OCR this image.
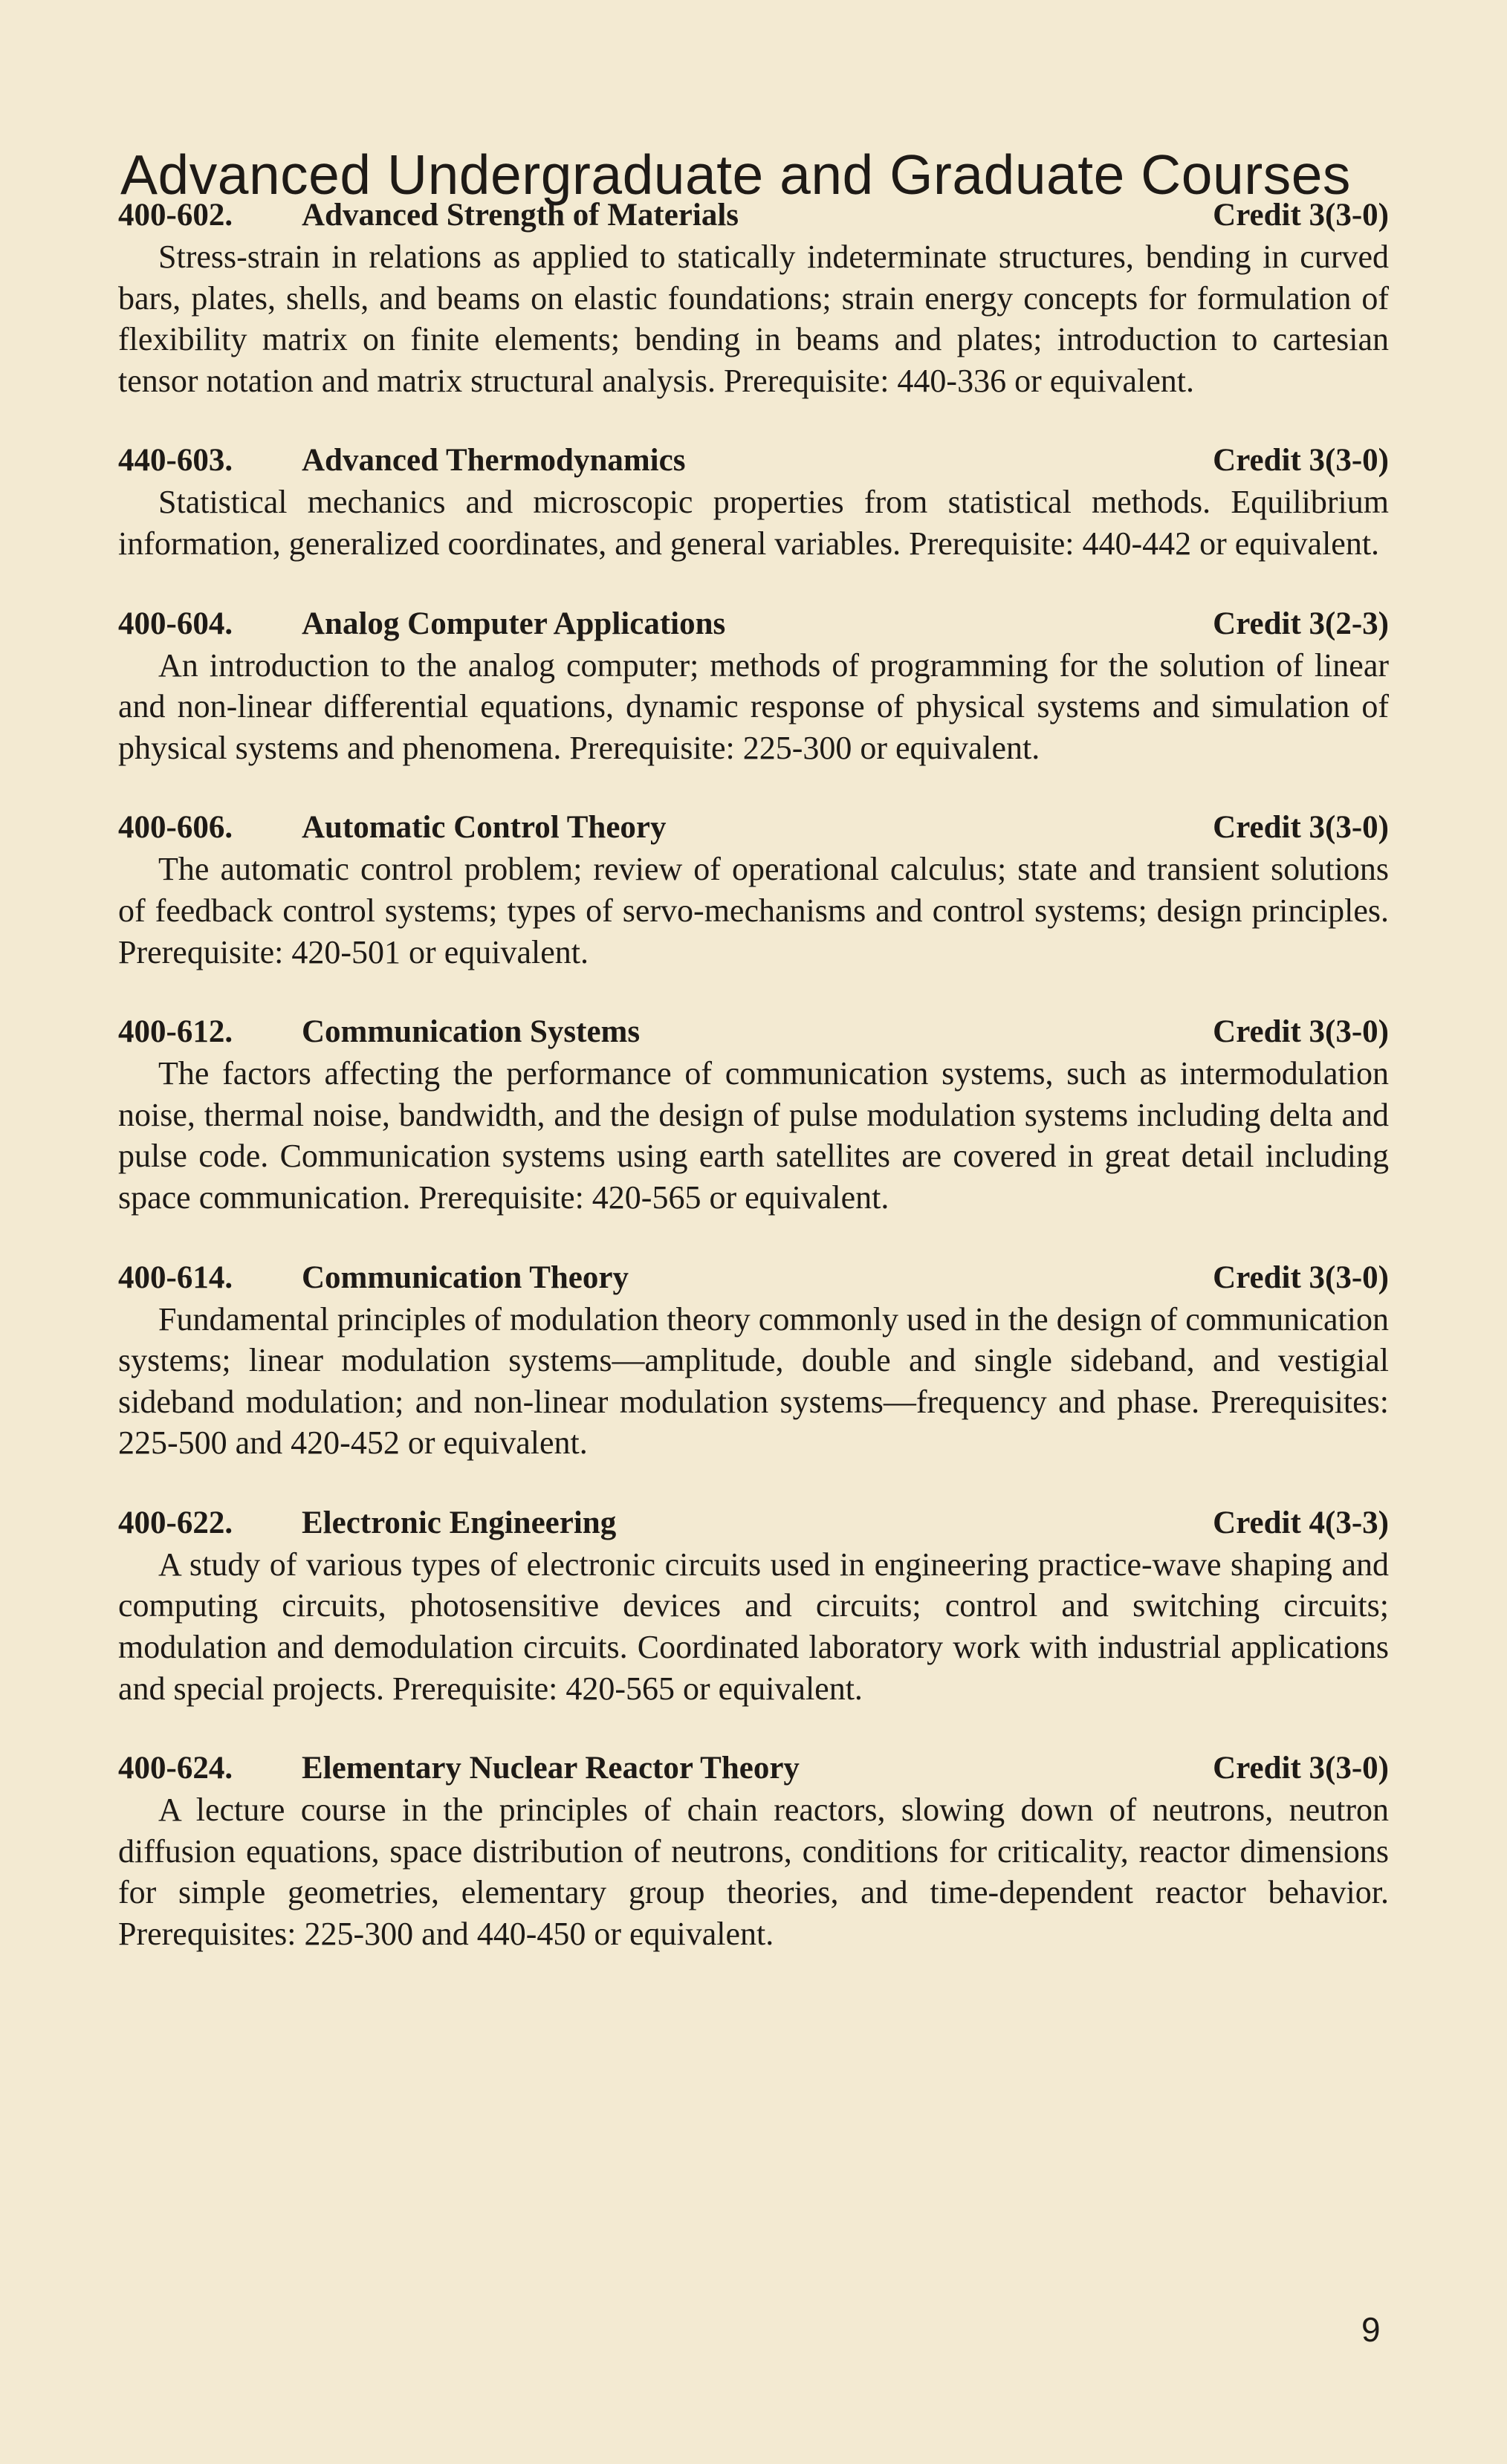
Advanced Undergraduate and Graduate Courses
400-602.	Advanced Strength of Materials	Credit 3(3-0)
Stress-strain in relations as applied to statically indeterminate structures, bending in curved bars, plates, shells, and beams on elastic foundations; strain energy concepts for formulation of flexibility matrix on finite elements; bending in beams and plates; introduction to cartesian tensor notation and matrix structural analysis. Prerequisite: 440-336 or equivalent.
440-603.	Advanced Thermodynamics	Credit 3(3-0)
Statistical mechanics and microscopic properties from statistical methods. Equilibrium information, generalized coordinates, and general variables. Prerequisite: 440-442 or equivalent.
400-604.	Analog Computer Applications	Credit 3(2-3)
An introduction to the analog computer; methods of programming for the solution of linear and non-linear differential equations, dynamic response of physical systems and simulation of physical systems and phenomena. Prerequisite: 225-300 or equivalent.
400-606.	Automatic Control Theory	Credit 3(3-0)
The automatic control problem; review of operational calculus; state and transient solutions of feedback control systems; types of servo-mechanisms and control systems; design principles. Prerequisite: 420-501 or equivalent.
400-612.	Communication Systems	Credit 3(3-0)
The factors affecting the performance of communication systems, such as intermodulation noise, thermal noise, bandwidth, and the design of pulse modulation systems including delta and pulse code. Communication systems using earth satellites are covered in great detail including space communication. Prerequisite: 420-565 or equivalent.
400-614.	Communication Theory	Credit 3(3-0)
Fundamental principles of modulation theory commonly used in the design of communication systems; linear modulation systems—amplitude, double and single sideband, and vestigial sideband modulation; and non-linear modulation systems—frequency and phase. Prerequisites: 225-500 and 420-452 or equivalent.
400-622.	Electronic Engineering	Credit 4(3-3)
A study of various types of electronic circuits used in engineering practice-wave shaping and computing circuits, photosensitive devices and circuits; control and switching circuits; modulation and demodulation circuits. Coordinated laboratory work with industrial applications and special projects. Prerequisite: 420-565 or equivalent.
400-624.	Elementary Nuclear Reactor Theory	Credit 3(3-0)
A lecture course in the principles of chain reactors, slowing down of neutrons, neutron diffusion equations, space distribution of neutrons, conditions for criticality, reactor dimensions for simple geometries, elementary group theories, and time-dependent reactor behavior. Prerequisites: 225-300 and 440-450 or equivalent.
9
